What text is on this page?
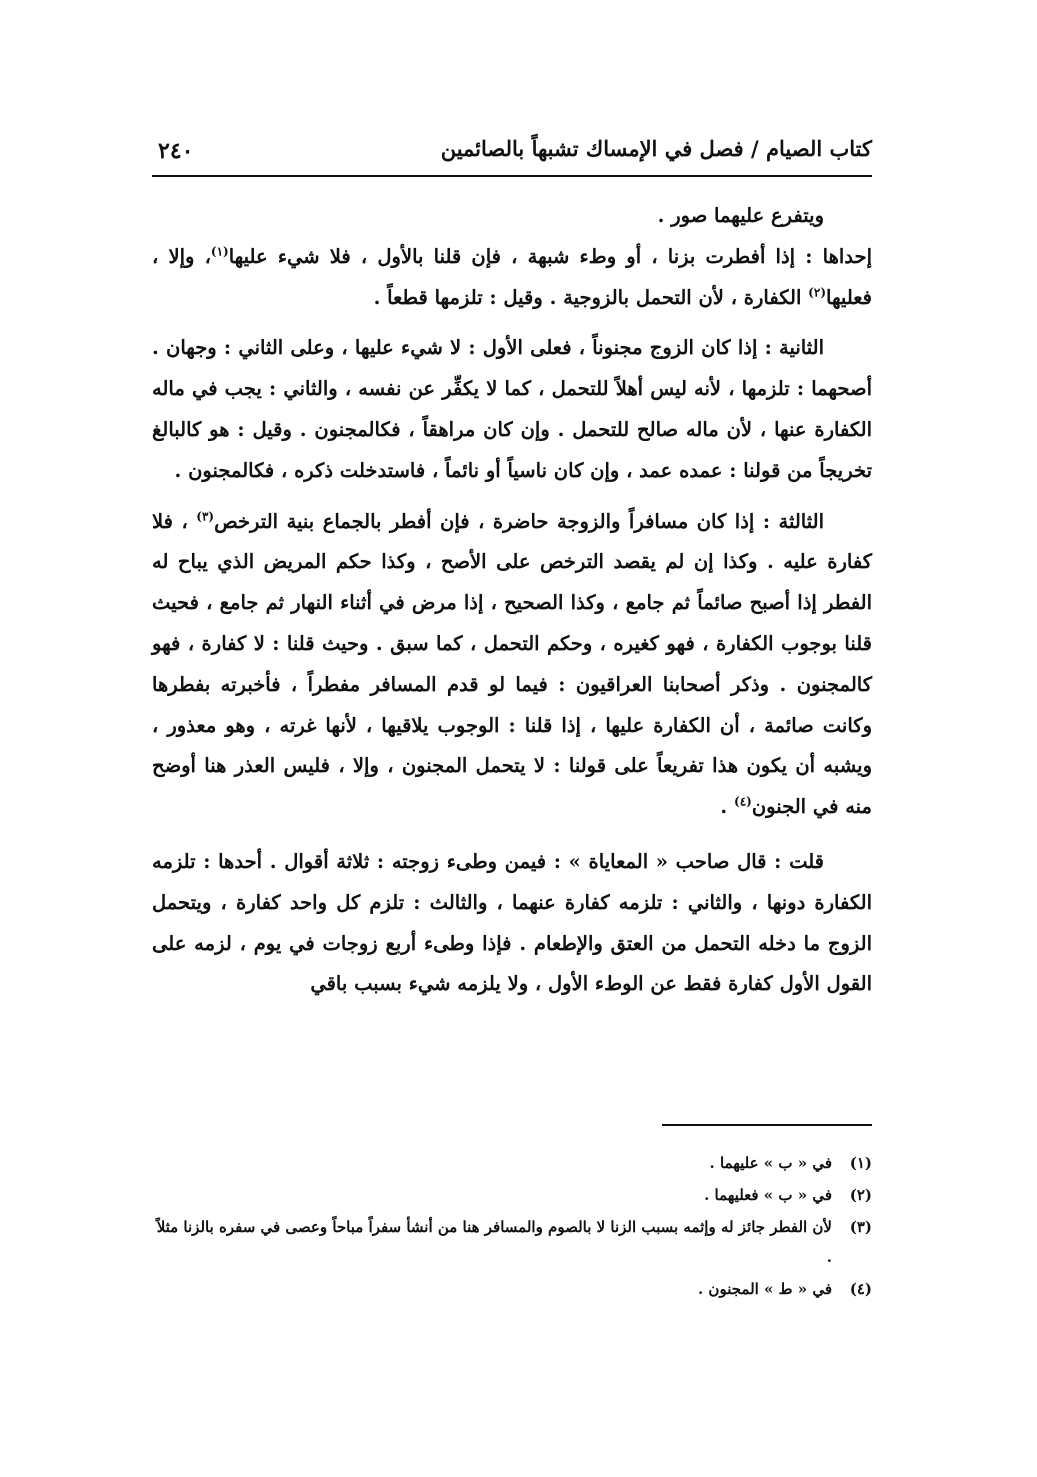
كتاب الصيام / فصل في الإمساك تشبهاً بالصائمين
٢٤٠

ويتفرع عليهما صور .

إحداها : إذا أفطرت بزنا ، أو وطء شبهة ، فإن قلنا بالأول ، فلا شيء عليها$^{(١)}$، وإلا ، فعليها$^{(٢)}$ الكفارة ، لأن التحمل بالزوجية . وقيل : تلزمها قطعاً .

الثانية : إذا كان الزوج مجنوناً ، فعلى الأول : لا شيء عليها ، وعلى الثاني : وجهان . أصحهما : تلزمها ، لأنه ليس أهلاً للتحمل ، كما لا يكفِّر عن نفسه ، والثاني : يجب في ماله الكفارة عنها ، لأن ماله صالح للتحمل . وإن كان مراهقاً ، فكالمجنون . وقيل : هو كالبالغ تخريجاً من قولنا : عمده عمد ، وإن كان ناسياً أو نائماً ، فاستدخلت ذكره ، فكالمجنون .

الثالثة : إذا كان مسافراً والزوجة حاضرة ، فإن أفطر بالجماع بنية الترخص$^{(٣)}$ ، فلا كفارة عليه . وكذا إن لم يقصد الترخص على الأصح ، وكذا حكم المريض الذي يباح له الفطر إذا أصبح صائماً ثم جامع ، وكذا الصحيح ، إذا مرض في أثناء النهار ثم جامع ، فحيث قلنا بوجوب الكفارة ، فهو كغيره ، وحكم التحمل ، كما سبق . وحيث قلنا : لا كفارة ، فهو كالمجنون . وذكر أصحابنا العراقيون : فيما لو قدم المسافر مفطراً ، فأخبرته بفطرها وكانت صائمة ، أن الكفارة عليها ، إذا قلنا : الوجوب يلاقيها ، لأنها غرته ، وهو معذور ، ويشبه أن يكون هذا تفريعاً على قولنا : لا يتحمل المجنون ، وإلا ، فليس العذر هنا أوضح منه في الجنون$^{(٤)}$ .

قلت : قال صاحب « المعاياة » : فيمن وطىء زوجته : ثلاثة أقوال . أحدها : تلزمه الكفارة دونها ، والثاني : تلزمه كفارة عنهما ، والثالث : تلزم كل واحد كفارة ، ويتحمل الزوج ما دخله التحمل من العتق والإطعام . فإذا وطىء أربع زوجات في يوم ، لزمه على القول الأول كفارة فقط عن الوطء الأول ، ولا يلزمه شيء بسبب باقي

(١)
في « ب » عليهما .
(٢)
في « ب » فعليهما .
(٣)
لأن الفطر جائز له وإثمه بسبب الزنا لا بالصوم والمسافر هنا من أنشأ سفراً مباحاً وعصى في سفره بالزنا مثلاً .
(٤)
في « ط » المجنون .
